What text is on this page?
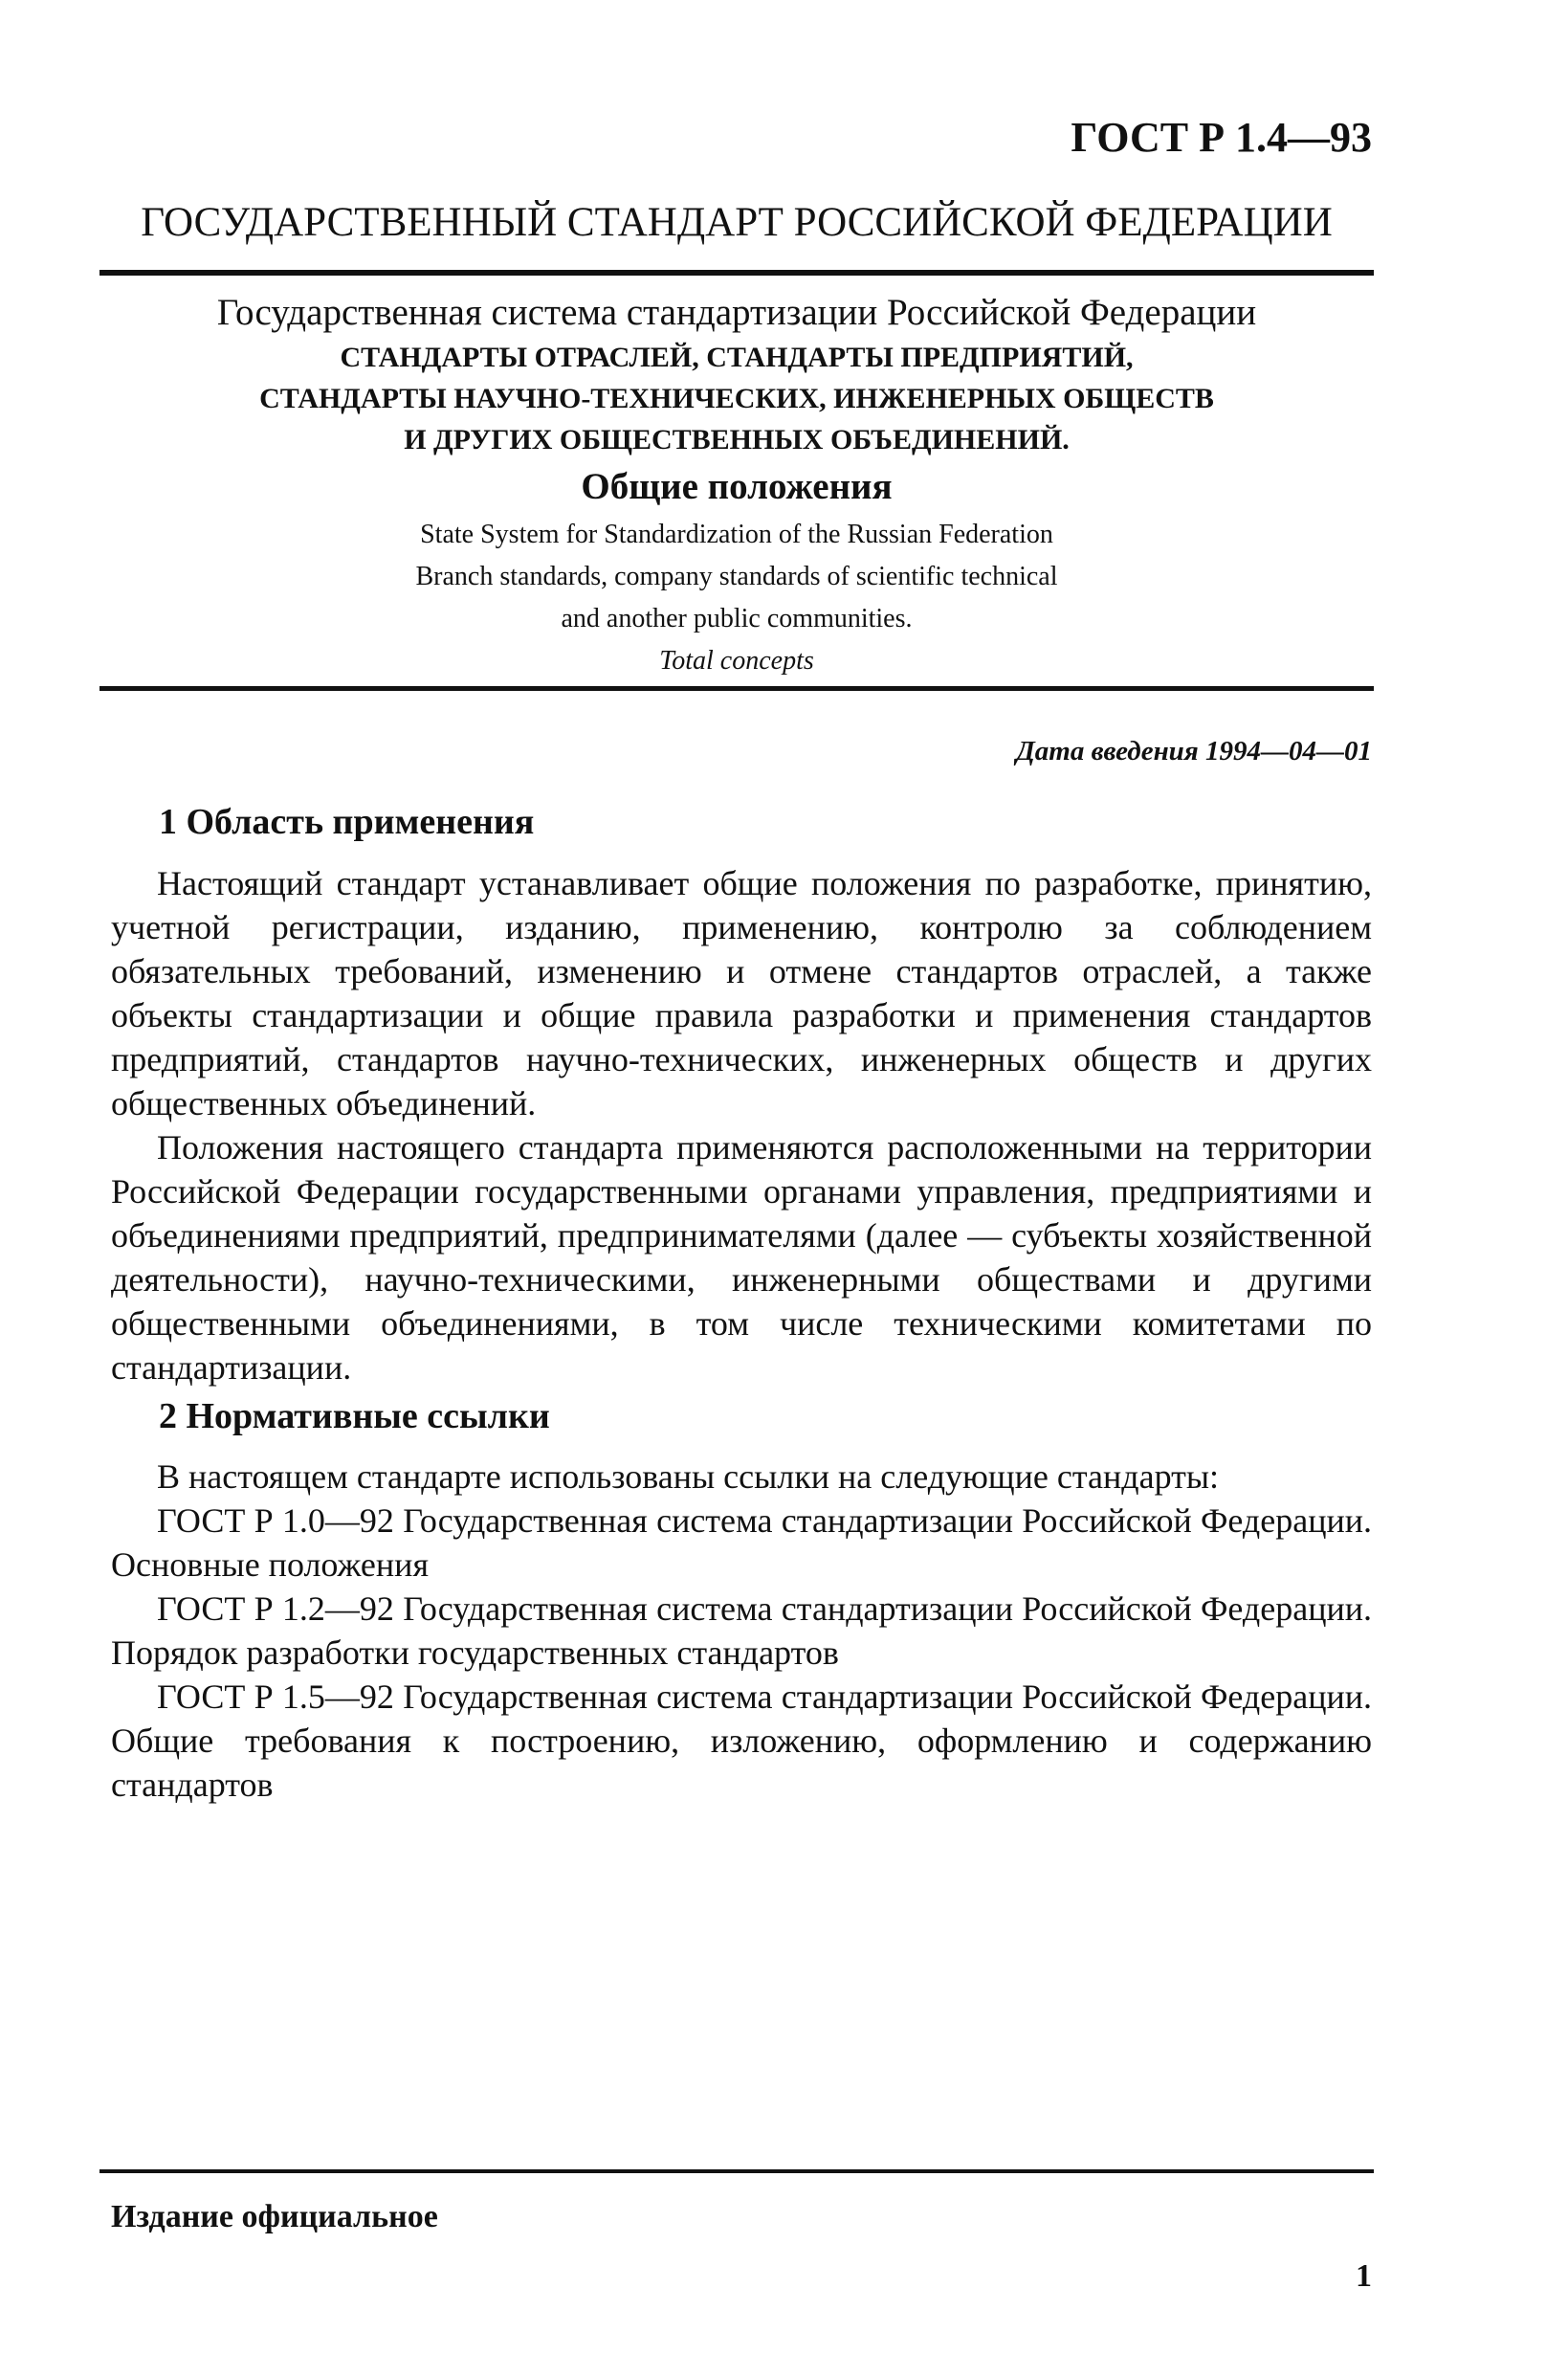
ГОСТ Р 1.4—93
ГОСУДАРСТВЕННЫЙ СТАНДАРТ РОССИЙСКОЙ ФЕДЕРАЦИИ
Государственная система стандартизации Российской Федерации
СТАНДАРТЫ ОТРАСЛЕЙ, СТАНДАРТЫ ПРЕДПРИЯТИЙ,
СТАНДАРТЫ НАУЧНО-ТЕХНИЧЕСКИХ, ИНЖЕНЕРНЫХ ОБЩЕСТВ
И ДРУГИХ ОБЩЕСТВЕННЫХ ОБЪЕДИНЕНИЙ.
Общие положения
State System for Standardization of the Russian Federation
Branch standards, company standards of scientific technical
and another public communities.
Total concepts
Дата введения 1994—04—01
1 Область применения

Настоящий стандарт устанавливает общие положения по разработке, принятию, учетной регистрации, изданию, применению, контролю за соблюдением обязательных требований, изменению и отмене стандартов отраслей, а также объекты стандартизации и общие правила разработки и применения стандартов предприятий, стандартов научно-технических, инженерных обществ и других общественных объединений.

Положения настоящего стандарта применяются расположенными на территории Российской Федерации государственными органами управления, предприятиями и объединениями предприятий, предпринимателями (далее — субъекты хозяйственной деятельности), научно-техническими, инженерными обществами и другими общественными объединениями, в том числе техническими комитетами по стандартизации.

2 Нормативные ссылки

В настоящем стандарте использованы ссылки на следующие стандарты:

ГОСТ Р 1.0—92 Государственная система стандартизации Российской Федерации. Основные положения

ГОСТ Р 1.2—92 Государственная система стандартизации Российской Федерации. Порядок разработки государственных стандартов

ГОСТ Р 1.5—92 Государственная система стандартизации Российской Федерации. Общие требования к построению, изложению, оформлению и содержанию стандартов

Издание официальное
1
